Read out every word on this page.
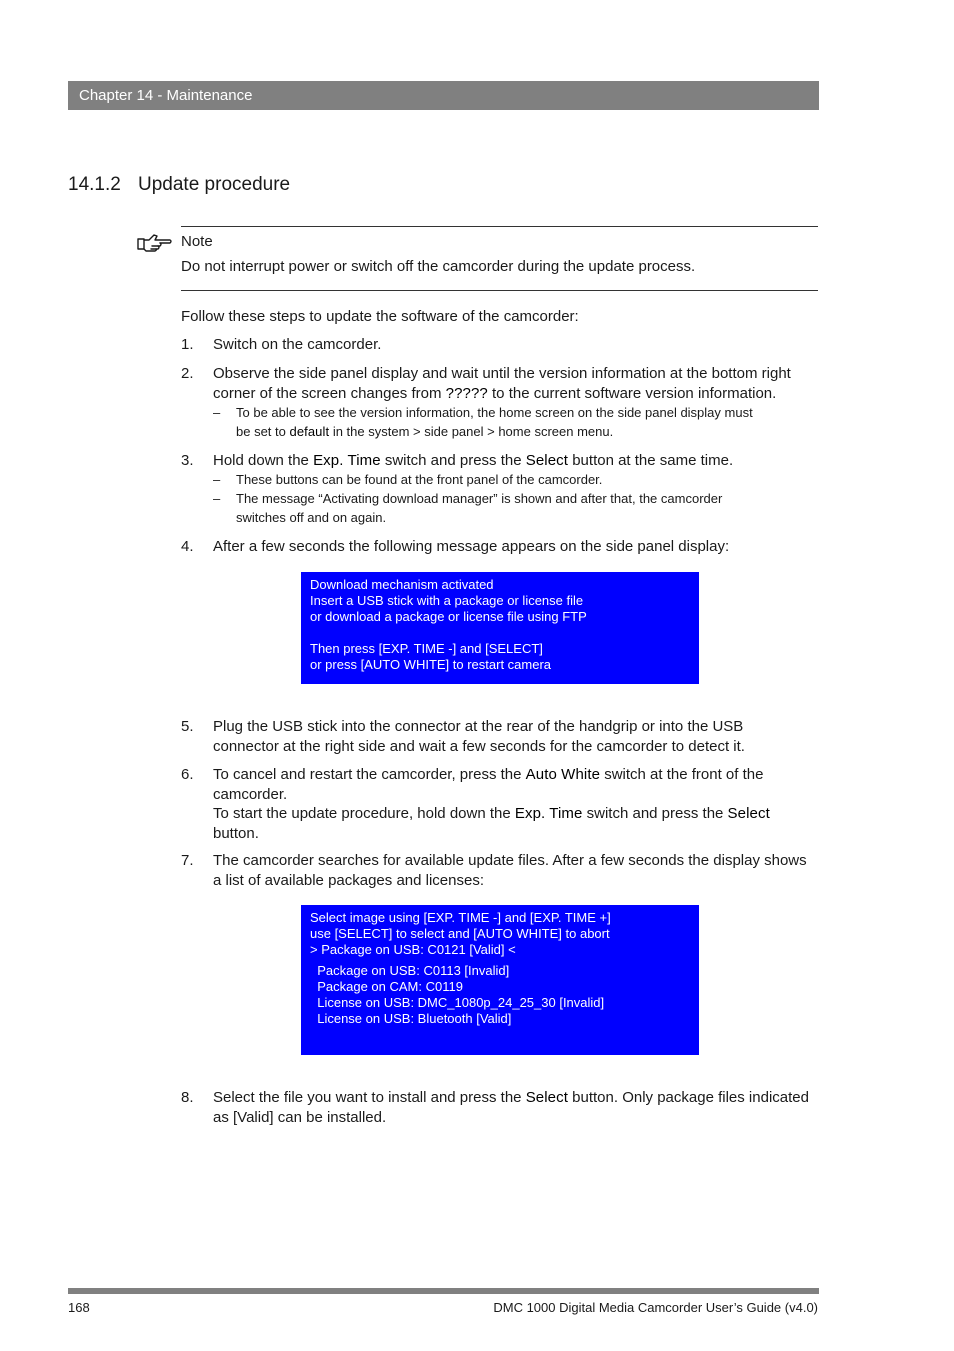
Chapter 14 - Maintenance
14.1.2 Update procedure
Note
Do not interrupt power or switch off the camcorder during the update process.
Follow these steps to update the software of the camcorder:
1. Switch on the camcorder.
2. Observe the side panel display and wait until the version information at the bottom right
corner of the screen changes from ????? to the current software version information.
– To be able to see the version information, the home screen on the side panel display must
be set to default in the system > side panel > home screen menu.
3. Hold down the Exp. Time switch and press the Select button at the same time.
– These buttons can be found at the front panel of the camcorder.
– The message “Activating download manager” is shown and after that, the camcorder
switches off and on again.
4. After a few seconds the following message appears on the side panel display:
Download mechanism activated
Insert a USB stick with a package or license file
or download a package or license file using FTP
Then press [EXP. TIME -] and [SELECT]
or press [AUTO WHITE] to restart camera
5. Plug the USB stick into the connector at the rear of the handgrip or into the USB
connector at the right side and wait a few seconds for the camcorder to detect it.
6. To cancel and restart the camcorder, press the Auto White switch at the front of the
camcorder.
To start the update procedure, hold down the Exp. Time switch and press the Select
button.
7. The camcorder searches for available update files. After a few seconds the display shows
a list of available packages and licenses:
Select image using [EXP. TIME -] and [EXP. TIME +]
use [SELECT] to select and [AUTO WHITE] to abort
> Package on USB: C0121 [Valid] <
Package on USB: C0113 [Invalid]
Package on CAM: C0119
License on USB: DMC_1080p_24_25_30 [Invalid]
License on USB: Bluetooth [Valid]
8. Select the file you want to install and press the Select button. Only package files indicated
as [Valid] can be installed.
168	DMC 1000 Digital Media Camcorder User’s Guide (v4.0)
